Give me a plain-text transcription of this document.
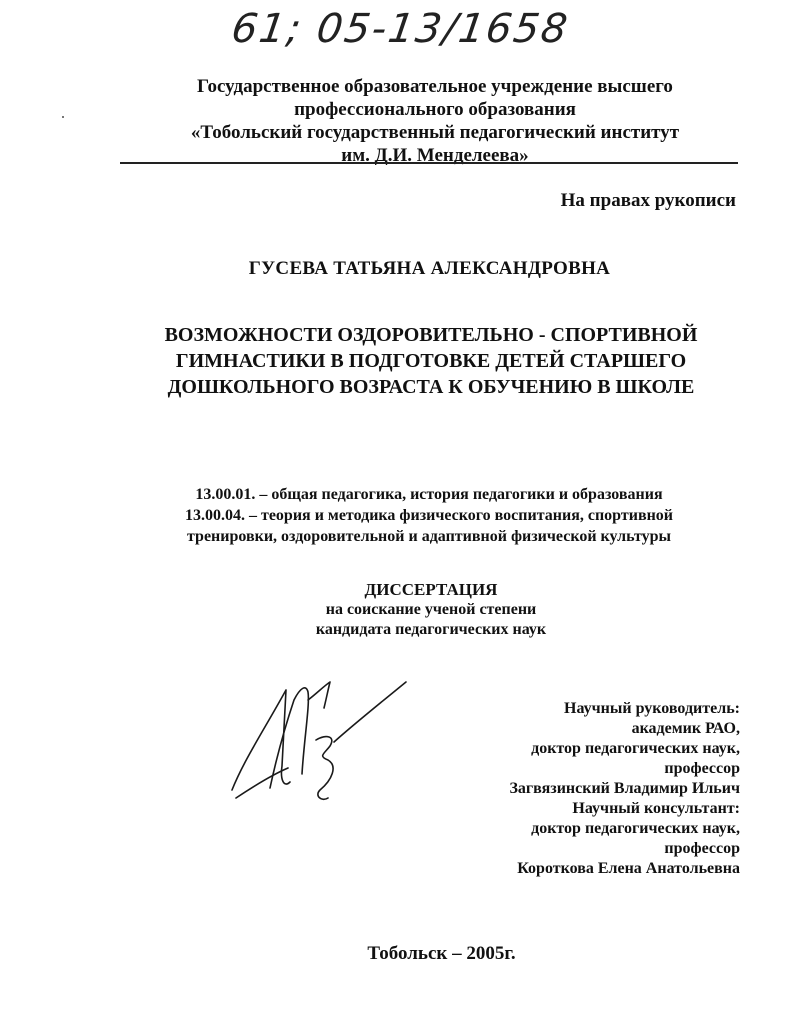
61; 05-13/1658
Государственное образовательное учреждение высшего
профессионального образования
«Тобольский государственный педагогический институт
им. Д.И. Менделеева»
На правах рукописи
ГУСЕВА ТАТЬЯНА АЛЕКСАНДРОВНА
ВОЗМОЖНОСТИ ОЗДОРОВИТЕЛЬНО - СПОРТИВНОЙ
ГИМНАСТИКИ В ПОДГОТОВКЕ ДЕТЕЙ СТАРШЕГО
ДОШКОЛЬНОГО ВОЗРАСТА К ОБУЧЕНИЮ В ШКОЛЕ
13.00.01. – общая педагогика, история педагогики и образования
13.00.04. – теория и методика физического воспитания, спортивной
тренировки, оздоровительной и адаптивной физической культуры
ДИССЕРТАЦИЯ
на соискание ученой степени
кандидата педагогических наук
Научный руководитель:
академик РАО,
доктор педагогических наук,
профессор
Загвязинский Владимир Ильич
Научный консультант:
доктор педагогических наук,
профессор
Короткова Елена Анатольевна
Тобольск – 2005г.
